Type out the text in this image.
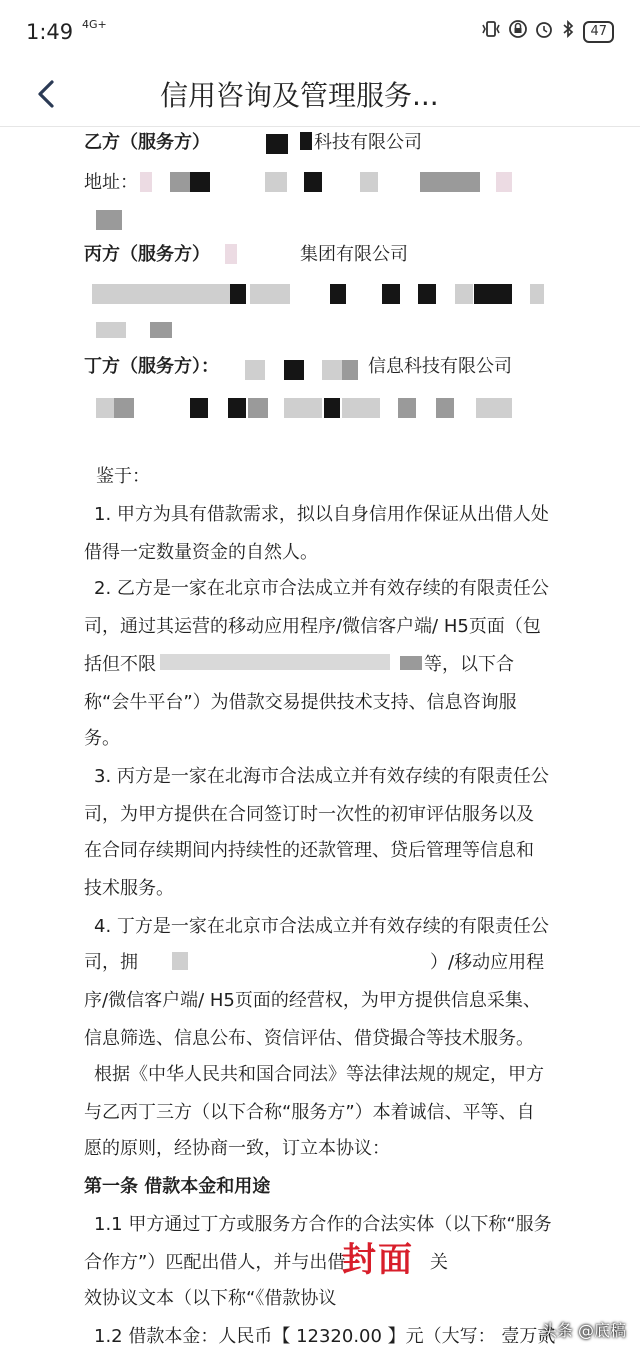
1:49 4G+	47
信用咨询及管理服务...
乙方（服务方）	科技有限公司
地址：
丙方（服务方）	集团有限公司
丁方（服务方）：	信息科技有限公司
鉴于：
1. 甲方为具有借款需求，拟以自身信用作保证从出借人处
借得一定数量资金的自然人。
2. 乙方是一家在北京市合法成立并有效存续的有限责任公
司，通过其运营的移动应用程序/微信客户端/ H5页面（包
括但不限	等，以下合
称“会牛平台”）为借款交易提供技术支持、信息咨询服
务。
3. 丙方是一家在北海市合法成立并有效存续的有限责任公
司，为甲方提供在合同签订时一次性的初审评估服务以及
在合同存续期间内持续性的还款管理、贷后管理等信息和
技术服务。
4. 丁方是一家在北京市合法成立并有效存续的有限责任公
司，拥	）/移动应用程
序/微信客户端/ H5页面的经营权，为甲方提供信息采集、
信息筛选、信息公布、资信评估、借贷撮合等技术服务。
根据《中华人民共和国合同法》等法律法规的规定，甲方
与乙丙丁三方（以下合称“服务方”）本着诚信、平等、自
愿的原则，经协商一致，订立本协议：
第一条 借款本金和用途
1.1 甲方通过丁方或服务方合作的合法实体（以下称“服务
合作方”）匹配出借人，并与出借	关
效协议文本（以下称“《借款协议
1.2 借款本金：人民币【 12320.00 】元（大写： 壹万贰
封面
头条 @底稿
